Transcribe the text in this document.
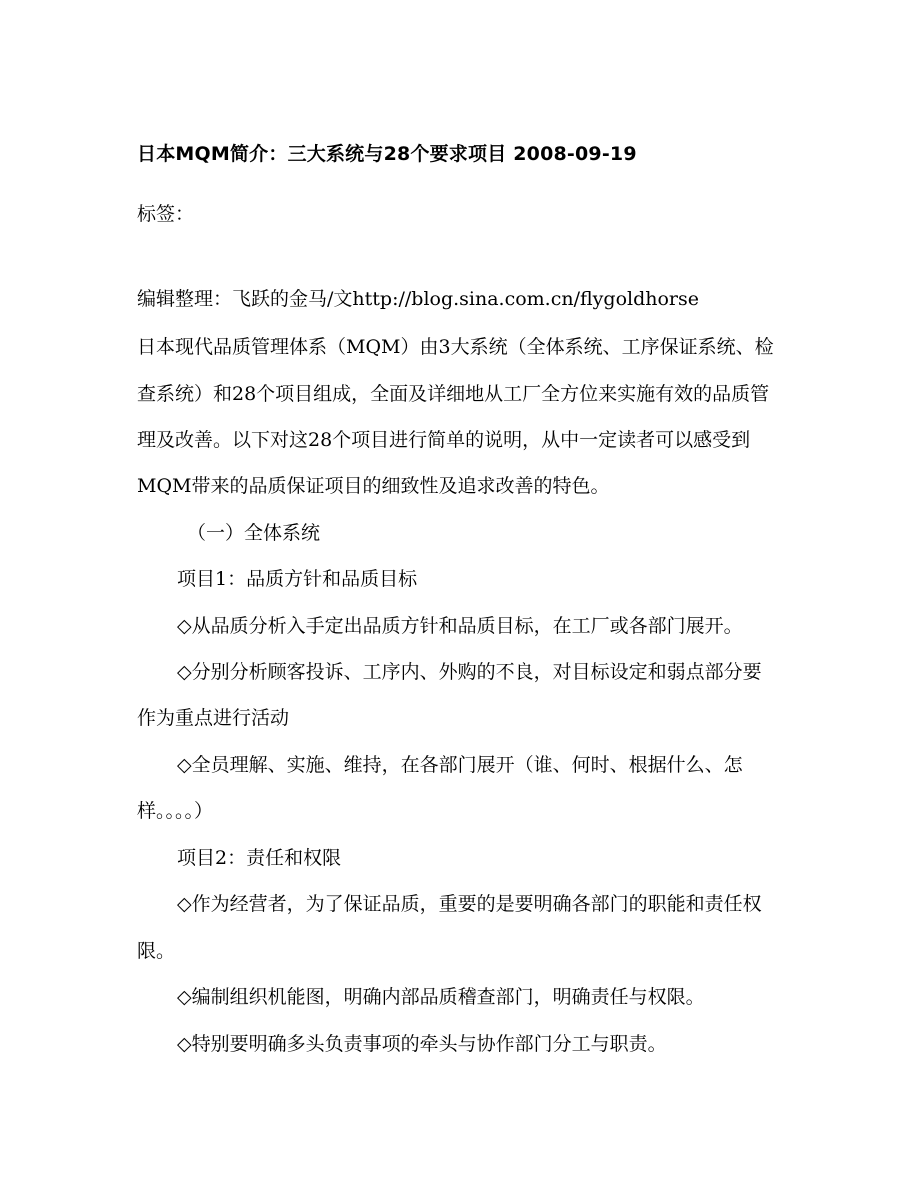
日本MQM简介：三大系统与28个要求项目 2008-09-19
标签：
编辑整理：飞跃的金马/文http://blog.sina.com.cn/flygoldhorse
日本现代品质管理体系（MQM）由3大系统（全体系统、工序保证系统、检
查系统）和28个项目组成，全面及详细地从工厂全方位来实施有效的品质管
理及改善。以下对这28个项目进行简单的说明，从中一定读者可以感受到
MQM带来的品质保证项目的细致性及追求改善的特色。
（一）全体系统
项目1：品质方针和品质目标
◇从品质分析入手定出品质方针和品质目标，在工厂或各部门展开。
◇分别分析顾客投诉、工序内、外购的不良，对目标设定和弱点部分要
作为重点进行活动
◇全员理解、实施、维持，在各部门展开（谁、何时、根据什么、怎
样。。。。）
项目2：责任和权限
◇作为经营者，为了保证品质，重要的是要明确各部门的职能和责任权
限。
◇编制组织机能图，明确内部品质稽查部门，明确责任与权限。
◇特别要明确多头负责事项的牵头与协作部门分工与职责。
